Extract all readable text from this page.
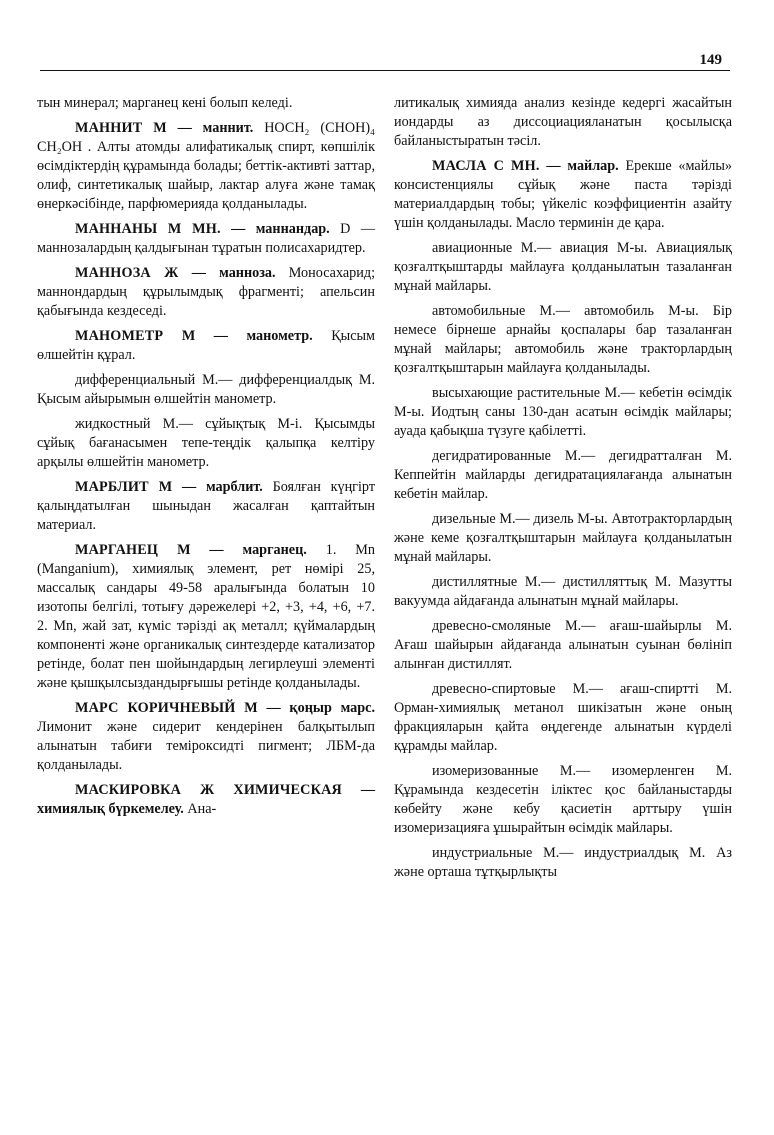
149

тын минерал; марганец кені болып келеді.

МАННИТ М — маннит. НОСН₂ (СНОН)₄ СН₂ОН . Алты атомды алифатикалық спирт, көпшілік өсімдіктердің құрамында болады; беттік-активті заттар, олиф, синтетикалық шайыр, лактар алуға және тамақ өнеркәсібінде, парфюмерияда қолданылады.

МАННАНЫ М МН. — маннандар. D — маннозалардың қалдығынан тұратын полисахаридтер.

МАННОЗА Ж — манноза. Моносахарид; маннондардың құрылымдық фрагменті; апельсин қабығында кездеседі.

МАНОМЕТР М — манометр. Қысым өлшейтін құрал.

дифференциальный М.— дифференциалдық М. Қысым айырымын өлшейтін манометр.

жидкостный М.— сұйықтық М-і. Қысымды сұйық бағанасымен тепе-теңдік қалыпқа келтіру арқылы өлшейтін манометр.

МАРБЛИТ М — марблит. Боялған күңгірт қалыңдатылған шыныдан жасалған қаптайтын материал.

МАРГАНЕЦ М — марганец. 1. Mn (Manganium), химиялық элемент, рет нөмірі 25, массалық сандары 49-58 аралығында болатын 10 изотопы белгілі, тотығу дәрежелері +2, +3, +4, +6, +7. 2. Mn, жай зат, күміс тәрізді ақ металл; қүймалардың компоненті және органикалық синтездерде катализатор ретінде, болат пен шойындардың легирлеуші элементі және қышқылсыздандырғышы ретінде қолданылады.

МАРС КОРИЧНЕВЫЙ М — қоңыр марс. Лимонит және сидерит кендерінен балқытылып алынатын табиғи темірокcидті пигмент; ЛБМ-да қолданылады.

МАСКИРОВКА Ж ХИМИЧЕСКАЯ — химиялық бүркемелеу. Ана-

литикалық химияда анализ кезінде кедергі жасайтын иондарды аз диссоциацияланатын қосылысқа байланыстыратын тәсіл.

МАСЛА С МН. — майлар. Ерекше «майлы» консистенциялы сұйық және паста тәрізді материалдардың тобы; үйкеліс коэффициентін азайту үшін қолданылады. Масло терминін де қара.

авиационные М.— авиация М-ы. Авиациялық қозғалтқыштарды майлауға қолданылатын тазаланған мұнай майлары.

автомобильные М.— автомобиль М-ы. Бір немесе бірнеше арнайы қоспалары бар тазаланған мұнай майлары; автомобиль және тракторлардың қозғалтқыштарын майлауға қолданылады.

высыхающие растительные М.— кебетін өсімдік М-ы. Иодтың саны 130-дан асатын өсімдік майлары; ауада қабықша түзуге қабілетті.

дегидратированные М.— дегидратталған М. Кеппейтін майларды дегидратациялағанда алынатын кебетін майлар.

дизельные М.— дизель М-ы. Автотракторлардың және кеме қозғалтқыштарын майлауға қолданылатын мұнай майлары.

дистиллятные М.— дистилляттық М. Мазутты вакуумда айдағанда алынатын мұнай майлары.

древесно-смоляные М.— ағаш-шайырлы М. Ағаш шайырын айдағанда алынатын суынан бөлініп алынған дистиллят.

древесно-спиртовые М.— ағаш-спиртті М. Орман-химиялық метанол шикізатын және оның фракцияларын қайта өңдегенде алынатын күрделі құрамды майлар.

изомеризованные М.— изомерленген М. Құрамында кездесетін іліктес қос байланыстарды көбейту және кебу қасиетін арттыру үшін изомеризацияға ұшырайтын өсімдік майлары.

индустриальные М.— индустриалдық М. Аз және орташа тұтқырлықты
